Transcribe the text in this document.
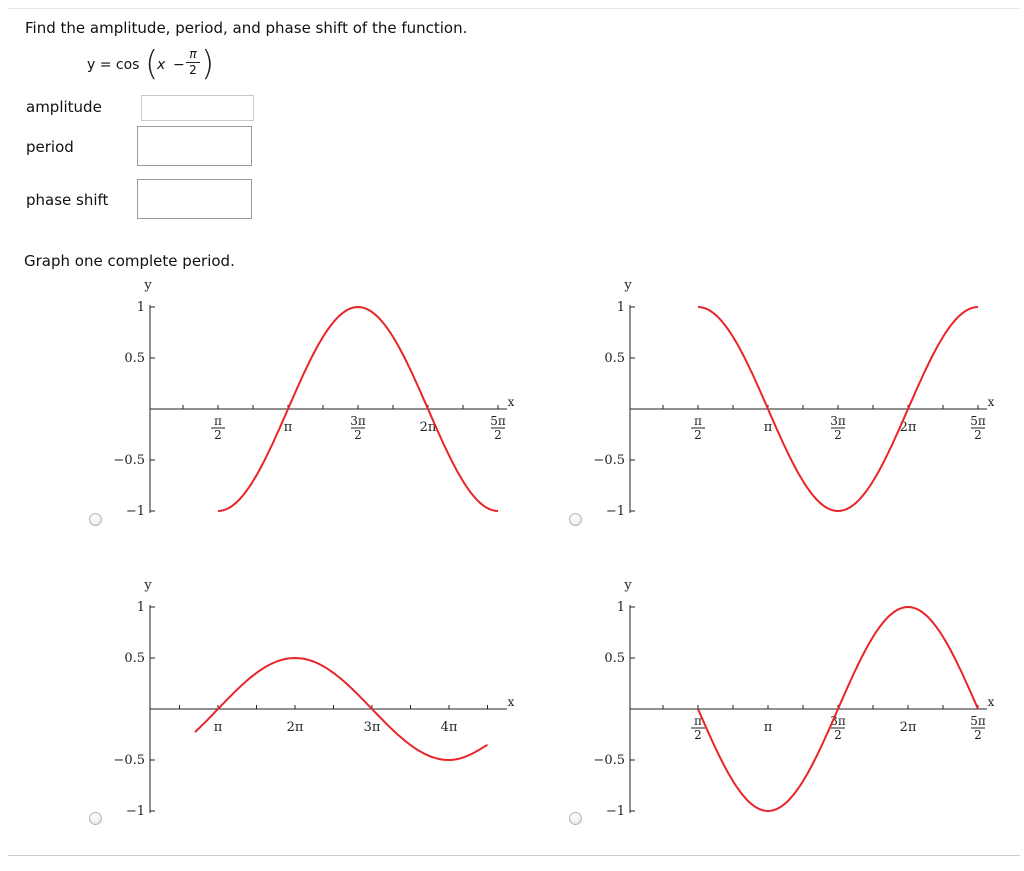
Find the amplitude, period, and phase shift of the function.
y = cos (
x −
π
2 )
amplitude
period
phase shift
Graph one complete period.
y
1
0.5
−0.5
−1
x
π
2	π	3π
2	2π	5π
2
y
1
0.5
−0.5
−1
x
π
2	π	3π
2	2π	5π
2
y
1
0.5
−0.5
−1
x
π	2π	3π	4π
y
1
0.5
−0.5
−1
x
π
2	π	3π
2	2π	5π
2
